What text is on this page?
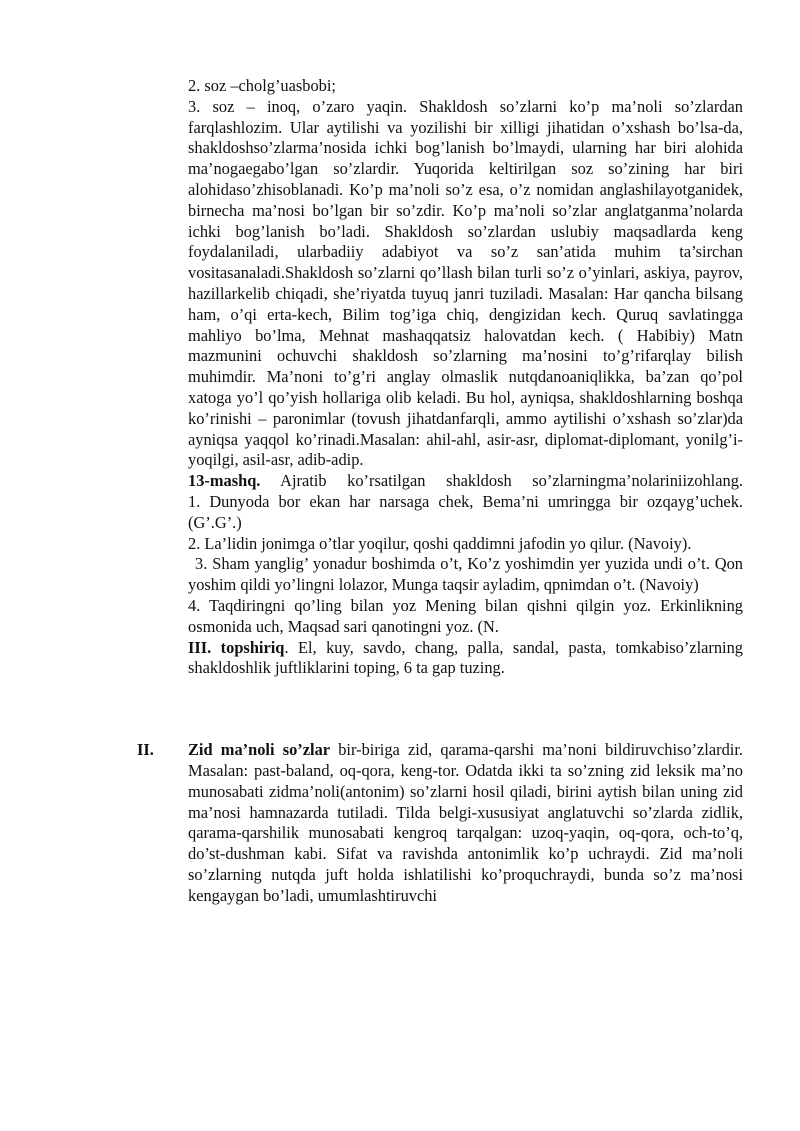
2. soz –cholg’uasbobi;

3. soz – inoq, o’zaro yaqin. Shakldosh so’zlarni ko’p ma’noli so’zlardan farqlashlozim. Ular aytilishi va yozilishi bir xilligi jihatidan o’xshash bo’lsa-da, shakldoshso’zlarma’nosida ichki bog’lanish bo’lmaydi, ularning har biri alohida ma’nogaegabo’lgan so’zlardir. Yuqorida keltirilgan soz so’zining har biri alohidaso’zhisoblanadi. Ko’p ma’noli so’z esa, o’z nomidan anglashilayotganidek, birnecha ma’nosi bo’lgan bir so’zdir. Ko’p ma’noli so’zlar anglatganma’nolarda ichki bog’lanish bo’ladi. Shakldosh so’zlardan uslubiy maqsadlarda keng foydalaniladi, ularbadiiy adabiyot va so’z san’atida muhim ta’sirchan vositasanaladi.Shakldosh so’zlarni qo’llash bilan turli so’z o’yinlari, askiya, payrov, hazillarkelib chiqadi, she’riyatda tuyuq janri tuziladi. Masalan: Har qancha bilsang ham, o’qi erta-kech, Bilim tog’iga chiq, dengizidan kech. Quruq savlatingga mahliyo bo’lma, Mehnat mashaqqatsiz halovatdan kech. ( Habibiy) Matn mazmunini ochuvchi shakldosh so’zlarning ma’nosini to’g’rifarqlay bilish muhimdir. Ma’noni to’g’ri anglay olmaslik nutqdanoaniqlikka, ba’zan qo’pol xatoga yo’l qo’yish hollariga olib keladi. Bu hol, ayniqsa, shakldoshlarning boshqa ko’rinishi – paronimlar (tovush jihatdanfarqli, ammo aytilishi o’xshash so’zlar)da ayniqsa yaqqol ko’rinadi.Masalan: ahil-ahl, asir-asr, diplomat-diplomant, yonilg’i-yoqilgi, asil-asr, adib-adip.

13-mashq. Ajratib ko’rsatilgan shakldosh so’zlarningma’nolariniizohlang.

1. Dunyoda bor ekan har narsaga chek, Bema’ni umringga bir ozqayg’uchek. (G’.G’.)

2. La’lidin jonimga o’tlar yoqilur, qoshi qaddimni jafodin yo qilur. (Navoiy).

3. Sham yanglig’ yonadur boshimda o’t, Ko’z yoshimdin yer yuzida undi o’t. Qon yoshim qildi yo’lingni lolazor, Munga taqsir ayladim, qpnimdan o’t. (Navoiy)

4. Taqdiringni qo’ling bilan yoz Mening bilan qishni qilgin yoz. Erkinlikning osmonida uch, Maqsad sari qanotingni yoz. (N.

III. topshiriq. El, kuy, savdo, chang, palla, sandal, pasta, tomkabiso’zlarning shakldoshlik juftliklarini toping, 6 ta gap tuzing.

II. Zid ma’noli so’zlar bir-biriga zid, qarama-qarshi ma’noni bildiruvchiso’zlardir. Masalan: past-baland, oq-qora, keng-tor. Odatda ikki ta so’zning zid leksik ma’no munosabati zidma’noli(antonim) so’zlarni hosil qiladi, birini aytish bilan uning zid ma’nosi hamnazarda tutiladi. Tilda belgi-xususiyat anglatuvchi so’zlarda zidlik, qarama-qarshilik munosabati kengroq tarqalgan: uzoq-yaqin, oq-qora, och-to’q, do’st-dushman kabi. Sifat va ravishda antonimlik ko’p uchraydi. Zid ma’noli so’zlarning nutqda juft holda ishlatilishi ko’proquchraydi, bunda so’z ma’nosi kengaygan bo’ladi, umumlashtiruvchi
